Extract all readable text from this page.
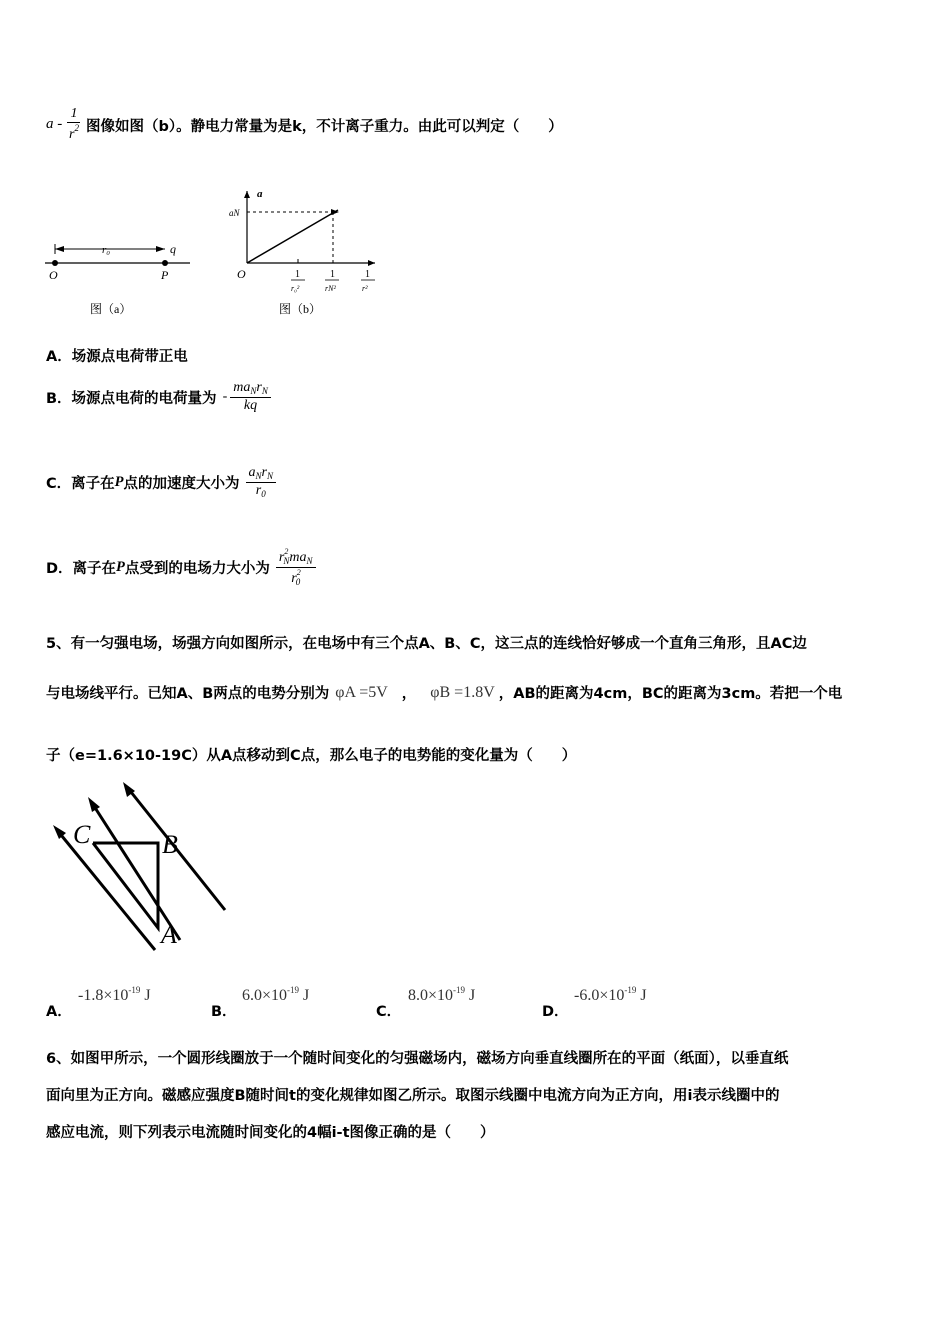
a - $\frac{1}{r^2}$ 图像如图（b）。静电力常量为是k，不计离子重力。由此可以判定（　　）
r₀	q
O	P
图（a）
a
aN
O	1
r₀²
1
rN²
1
r²
图（b）
A．场源点电荷带正电
B．场源点电荷的电荷量为 - $\frac{ma_Nr_N}{kq}$
C．离子在 P 点的加速度大小为 $\frac{a_Nr_N}{r_0}$
D．离子在 P 点受到的电场力大小为 $\frac{r^2_Nma_N}{r^2_0}$
5、有一匀强电场，场强方向如图所示，在电场中有三个点A、B、C，这三点的连线恰好够成一个直角三角形，且AC边
与电场线平行。已知A、B两点的电势分别为 φA =5V ， φB =1.8V ，AB的距离为4cm，BC的距离为3cm。若把一个电
子（e=1.6×10-19C）从A点移动到C点，那么电子的电势能的变化量为（　　）
C	B
A
A．
$-1.8\times 10^{-19}$ J
B．
$6.0\times 10^{-19}$ J
C．
$8.0\times 10^{-19}$ J
D．
$-6.0\times 10^{-19}$ J
6、如图甲所示，一个圆形线圈放于一个随时间变化的匀强磁场内，磁场方向垂直线圈所在的平面（纸面），以垂直纸
面向里为正方向。磁感应强度B随时间t的变化规律如图乙所示。取图示线圈中电流方向为正方向，用i表示线圈中的
感应电流，则下列表示电流随时间变化的4幅i-t图像正确的是（　　）
